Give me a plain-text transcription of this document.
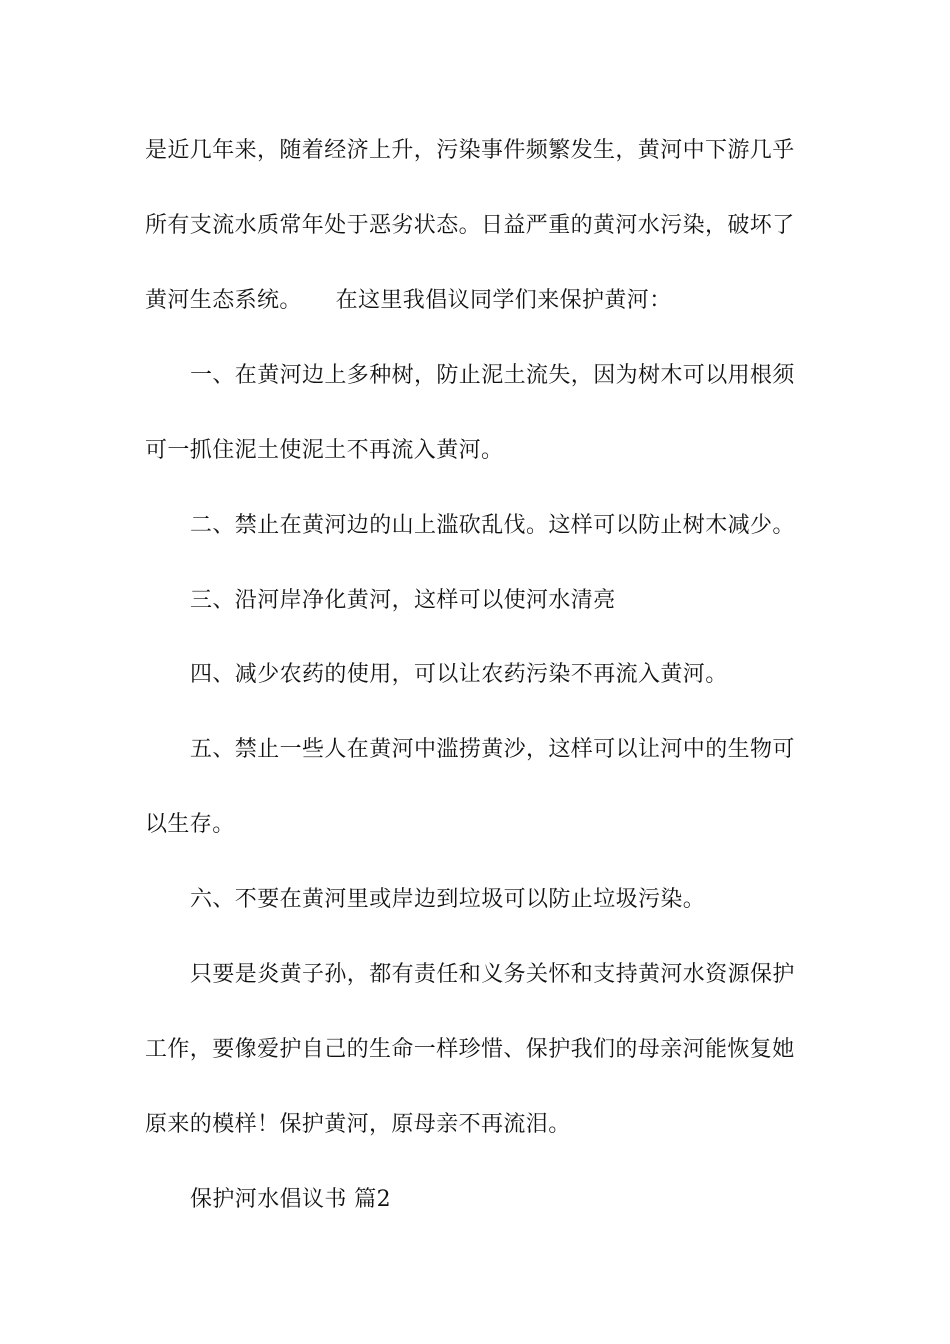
是近几年来，随着经济上升，污染事件频繁发生，黄河中下游几乎
所有支流水质常年处于恶劣状态。日益严重的黄河水污染，破坏了
黄河生态系统。　　在这里我倡议同学们来保护黄河：
一、在黄河边上多种树，防止泥土流失，因为树木可以用根须
可一抓住泥土使泥土不再流入黄河。
二、禁止在黄河边的山上滥砍乱伐。这样可以防止树木减少。
三、沿河岸净化黄河，这样可以使河水清亮
四、减少农药的使用，可以让农药污染不再流入黄河。
五、禁止一些人在黄河中滥捞黄沙，这样可以让河中的生物可
以生存。
六、不要在黄河里或岸边到垃圾可以防止垃圾污染。
只要是炎黄子孙，都有责任和义务关怀和支持黄河水资源保护
工作，要像爱护自己的生命一样珍惜、保护我们的母亲河能恢复她
原来的模样！保护黄河，原母亲不再流泪。
保护河水倡议书 篇2
